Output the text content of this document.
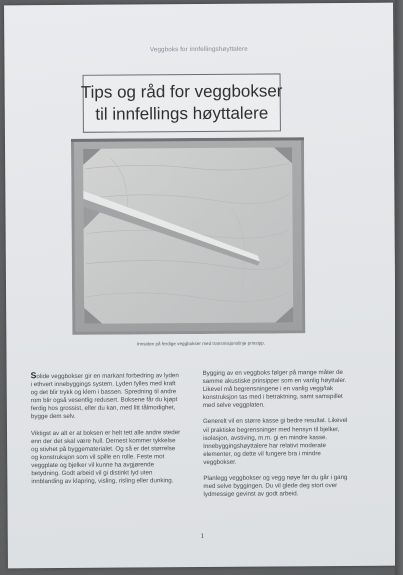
Veggboks for innfellingshøyttalere
Tips og råd for veggbokser
til innfellings høyttalere
Innsiden på ferdige veggbokser med transmisjonslinje prinsipp.

Solide veggbokser gir en markant forbedring av lyden i ethvert innebyggings system. Lyden fylles med kraft og det blir trykk og klem i bassen. Spredning til andre rom blir også vesentlig redusert. Boksene får du kjøpt ferdig hos grossist, eller du kan, med litt tålmodighet, bygge dem selv.

Viktigst av alt er at boksen er helt tett alle andre steder enn der det skal være hull. Dernest kommer tykkelse og stivhet på byggematerialet. Og så er det størrelse og konstruksjon som vil spille en rolle. Feste mot veggplate og bjelker vil kunne ha avgjørende betydning. Godt arbeid vil gi distinkt lyd uten innblanding av klapring, visling, risling eller dunking.

Bygging av en veggboks følger på mange måter de samme akustiske prinsipper som en vanlig høyttaler. Likevel må begrensningene i en vanlig vegg/tak konstruksjon tas med i betraktning, samt samspillet med selve veggplaten.

Generelt vil en større kasse gi bedre resultat. Likevel vil praktiske begrensninger med hensyn til bjelker, isolasjon, avstiving, m.m. gi en mindre kasse. Innebyggingshøyttalere har relativt moderate elementer, og dette vil fungere bra i mindre veggbokser.

Planlegg veggbokser og vegg nøye før du går i gang med selve byggingen. Du vil glede deg stort over lydmessige gevinst av godt arbeid.

1
